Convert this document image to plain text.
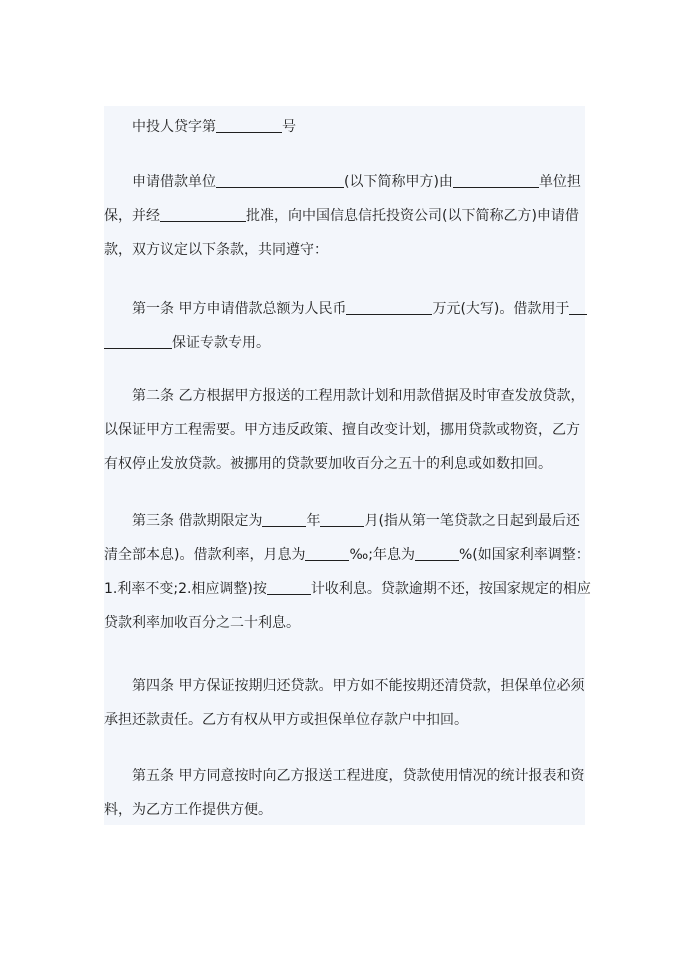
中投人贷字第	号
申请借款单位	(以下简称甲方)由	单位担
保，并经	批准，向中国信息信托投资公司(以下简称乙方)申请借
款，双方议定以下条款，共同遵守：
第一条 甲方申请借款总额为人民币	万元(大写)。借款用于
保证专款专用。
第二条 乙方根据甲方报送的工程用款计划和用款借据及时审查发放贷款，
以保证甲方工程需要。甲方违反政策、擅自改变计划，挪用贷款或物资，乙方
有权停止发放贷款。被挪用的贷款要加收百分之五十的利息或如数扣回。
第三条 借款期限定为	年	月(指从第一笔贷款之日起到最后还
清全部本息)。借款利率，月息为	‰;年息为	%(如国家利率调整：
1.利率不变;2.相应调整)按	计收利息。贷款逾期不还，按国家规定的相应
贷款利率加收百分之二十利息。
第四条 甲方保证按期归还贷款。甲方如不能按期还清贷款，担保单位必须
承担还款责任。乙方有权从甲方或担保单位存款户中扣回。
第五条 甲方同意按时向乙方报送工程进度，贷款使用情况的统计报表和资
料，为乙方工作提供方便。
